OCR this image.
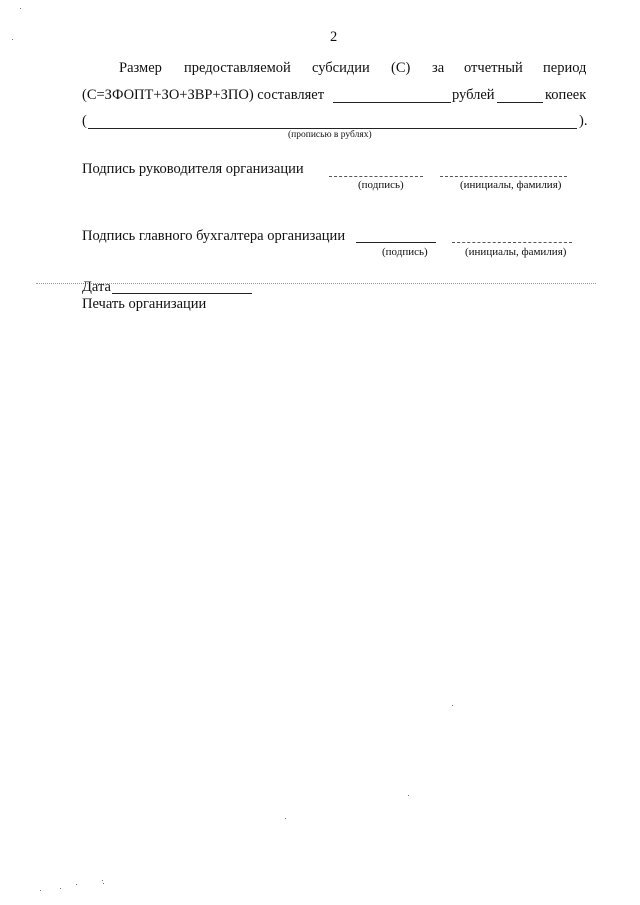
2
Размер предоставляемой субсидии (С) за отчетный период
(С=ЗФОПТ+ЗО+ЗВР+ЗПО) составляет	рублей	копеек
(	).
(прописью в рублях)
Подпись руководителя организации
(подпись)	(инициалы, фамилия)
Подпись главного бухгалтера организации
(подпись)	(инициалы, фамилия)
Дата
Печать организации
